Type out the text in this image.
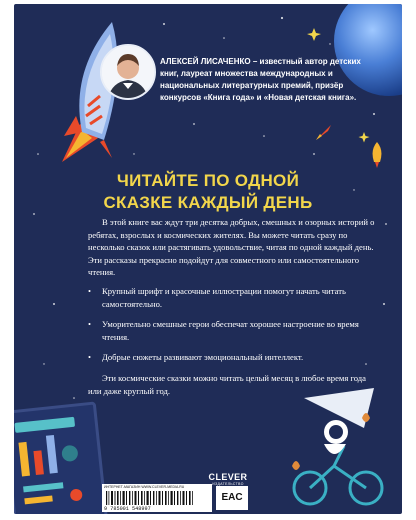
АЛЕКСЕЙ ЛИСАЧЕНКО – известный автор детских книг, лауреат множества международных и национальных литературных премий, призёр конкурсов «Книга года» и «Новая детская книга».
ЧИТАЙТЕ ПО ОДНОЙ
СКАЗКЕ КАЖДЫЙ ДЕНЬ

В этой книге вас ждут три десятка добрых, смешных и озорных историй о ребятах, взрослых и космических жителях. Вы можете читать сразу по несколько сказок или растягивать удовольствие, читая по одной каждый день. Эти рассказы прекрасно подойдут для совместного или самостоятельного чтения.

• Крупный шрифт и красочные иллюстрации помогут начать читать самостоятельно.
• Уморительно смешные герои обеспечат хорошее настроение во время чтения.
• Добрые сюжеты развивают эмоциональный интеллект.

Эти космические сказки можно читать целый месяц в любое время года или даже круглый год.

ИНТЕРНЕТ-МАГАЗИН WWW.CLEVER-MEDIA.RU
9 785001 548997
EAC
CLEVER
ИЗДАТЕЛЬСТВО
